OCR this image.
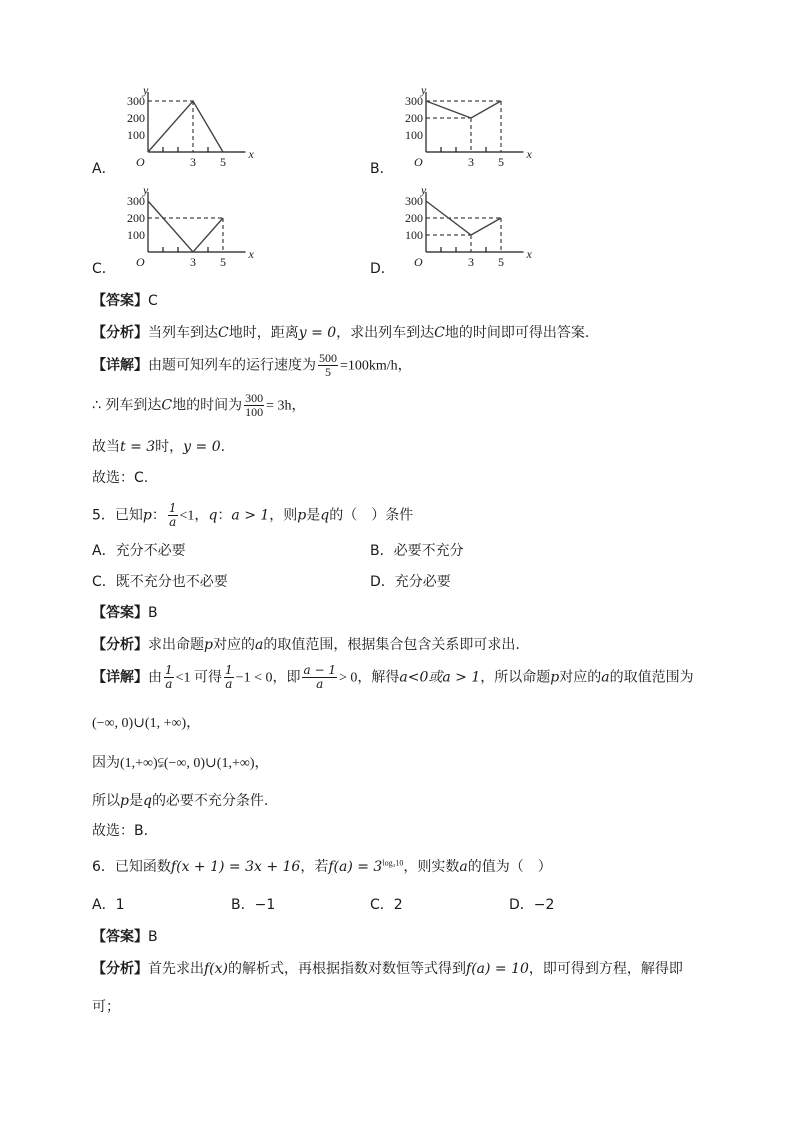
A．
300
200
100
3 5
O
x
y
B．
300
200
100
3 5
O
x
y
C．
300
200
100
3 5
O
x
y
D．
300
200
100
3 5
O
x
y
【答案】C
【分析】当列车到达C地时，距离y = 0，求出列车到达C地的时间即可得出答案.
【详解】由题可知列车的运行速度为 $\frac{500}{5} =100km/h$，
∴ 列车到达C地的时间为 $\frac{300}{100} = 3h$，
故当t = 3时，y = 0.
故选：C.
5．已知p： $\frac{1}{a} <1$，q：a > 1，则p是q的（　）条件
A．充分不必要	B．必要不充分
C．既不充分也不必要	D．充分必要
【答案】B
【分析】求出命题p对应的a的取值范围，根据集合包含关系即可求出.
【详解】由 $\frac{1}{a} <1$ 可得 $\frac{1}{a} -1 < 0$，即 $\frac{a - 1}{a} > 0$，解得a<0或a > 1，所以命题p对应的a的取值范围为
(−∞, 0)∪(1, +∞)，
因为(1,+∞)⫋(−∞, 0)∪(1,+∞)，
所以p是q的必要不充分条件.
故选：B.
6．已知函数f(x + 1) = 3x + 16，若$f(a) = 3^{log_310}$，则实数a的值为（　）
A．1	B．−1	C．2	D．−2
【答案】B
【分析】首先求出f(x)的解析式，再根据指数对数恒等式得到f(a) = 10，即可得到方程，解得即
可；
